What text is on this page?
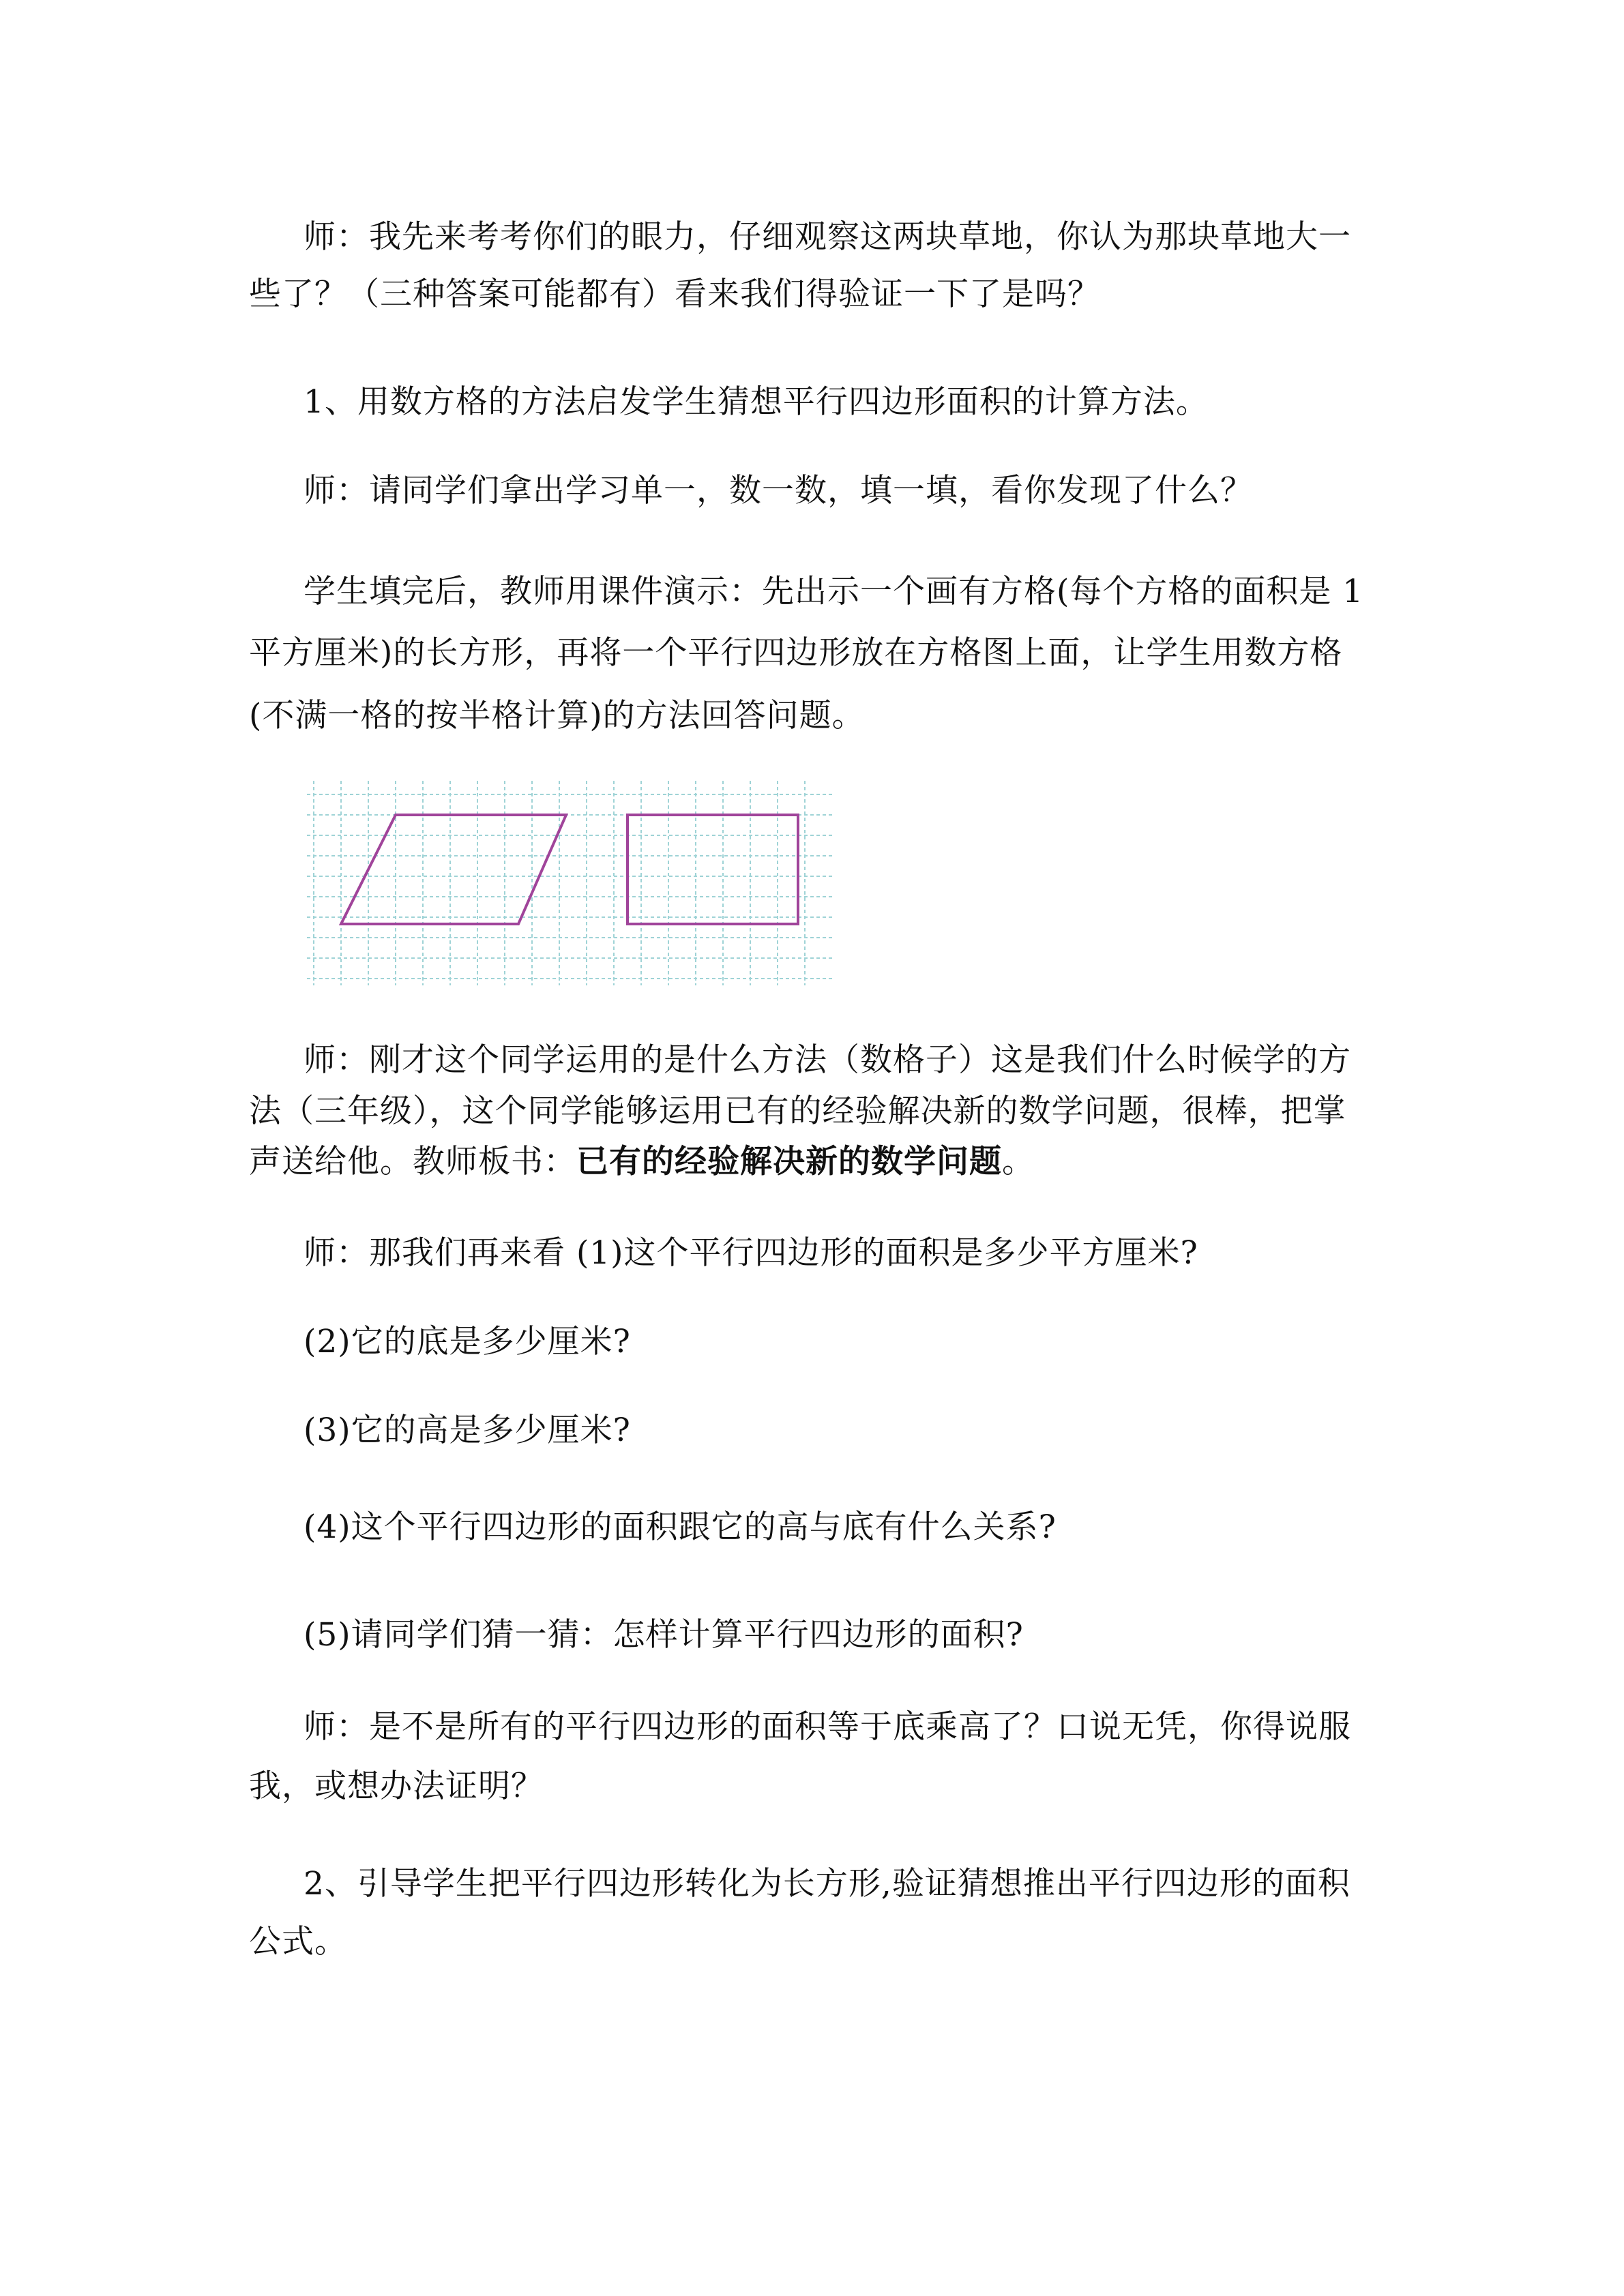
师：我先来考考你们的眼力，仔细观察这两块草地，你认为那块草地大一
些了？（三种答案可能都有）看来我们得验证一下了是吗？
1、用数方格的方法启发学生猜想平行四边形面积的计算方法。
师：请同学们拿出学习单一，数一数，填一填，看你发现了什么？
学生填完后，教师用课件演示：先出示一个画有方格(每个方格的面积是 1
平方厘米)的长方形，再将一个平行四边形放在方格图上面，让学生用数方格
(不满一格的按半格计算)的方法回答问题。
师：刚才这个同学运用的是什么方法（数格子）这是我们什么时候学的方
法（三年级），这个同学能够运用已有的经验解决新的数学问题，很棒，把掌
声送给他。教师板书：已有的经验解决新的数学问题。
师：那我们再来看 (1)这个平行四边形的面积是多少平方厘米?
(2)它的底是多少厘米?
(3)它的高是多少厘米?
(4)这个平行四边形的面积跟它的高与底有什么关系?
(5)请同学们猜一猜：怎样计算平行四边形的面积?
师：是不是所有的平行四边形的面积等于底乘高了？口说无凭，你得说服
我，或想办法证明？
2、引导学生把平行四边形转化为长方形,验证猜想推出平行四边形的面积
公式。
